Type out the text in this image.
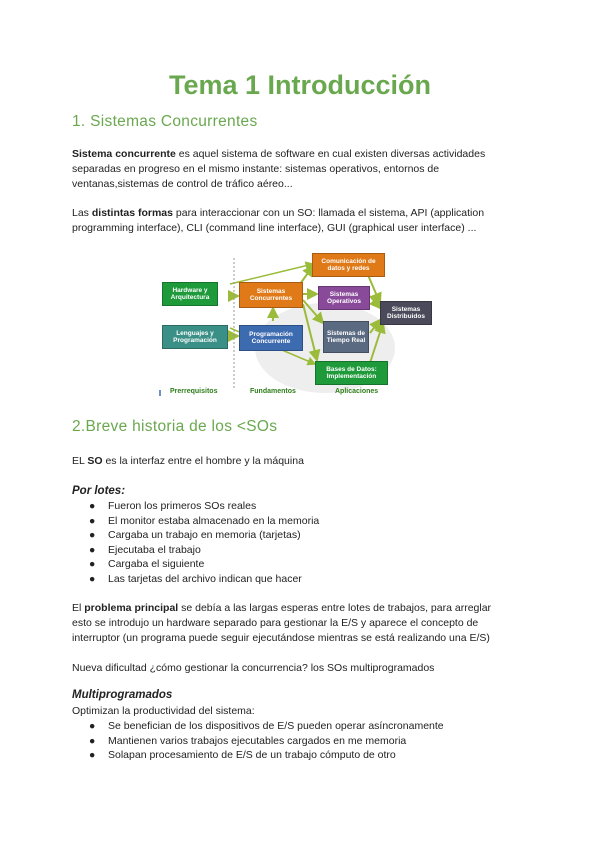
Tema 1 Introducción
1. Sistemas Concurrentes
Sistema concurrente es aquel sistema de software en cual existen diversas actividades
separadas en progreso en el mismo instante: sistemas operativos, entornos de
ventanas,sistemas de control de tráfico aéreo...
Las distintas formas para interaccionar con un SO: llamada el sistema, API (application
programming interface), CLI (command line interface), GUI (graphical user interface) ...
Hardware y Arquitectura
Lenguajes y Programación
Sistemas Concurrentes
Programación Concurrente
Comunicación de datos y redes
Sistemas Operativos
Sistemas de Tiempo Real
Sistemas Distribuidos
Bases de Datos: Implementación
Prerrequisitos	Fundamentos	Aplicaciones
2.Breve historia de los <SOs
EL SO es la interfaz entre el hombre y la máquina
Por lotes:
● Fueron los primeros SOs reales
● El monitor estaba almacenado en la memoria
● Cargaba un trabajo en memoria (tarjetas)
● Ejecutaba el trabajo
● Cargaba el siguiente
● Las tarjetas del archivo indican que hacer
El problema principal se debía a las largas esperas entre lotes de trabajos, para arreglar
esto se introdujo un hardware separado para gestionar la E/S y aparece el concepto de
interruptor (un programa puede seguir ejecutándose mientras se está realizando una E/S)
Nueva dificultad ¿cómo gestionar la concurrencia? los SOs multiprogramados
Multiprogramados
Optimizan la productividad del sistema:
● Se benefician de los dispositivos de E/S pueden operar asíncronamente
● Mantienen varios trabajos ejecutables cargados en me memoria
● Solapan procesamiento de E/S de un trabajo cómputo de otro
